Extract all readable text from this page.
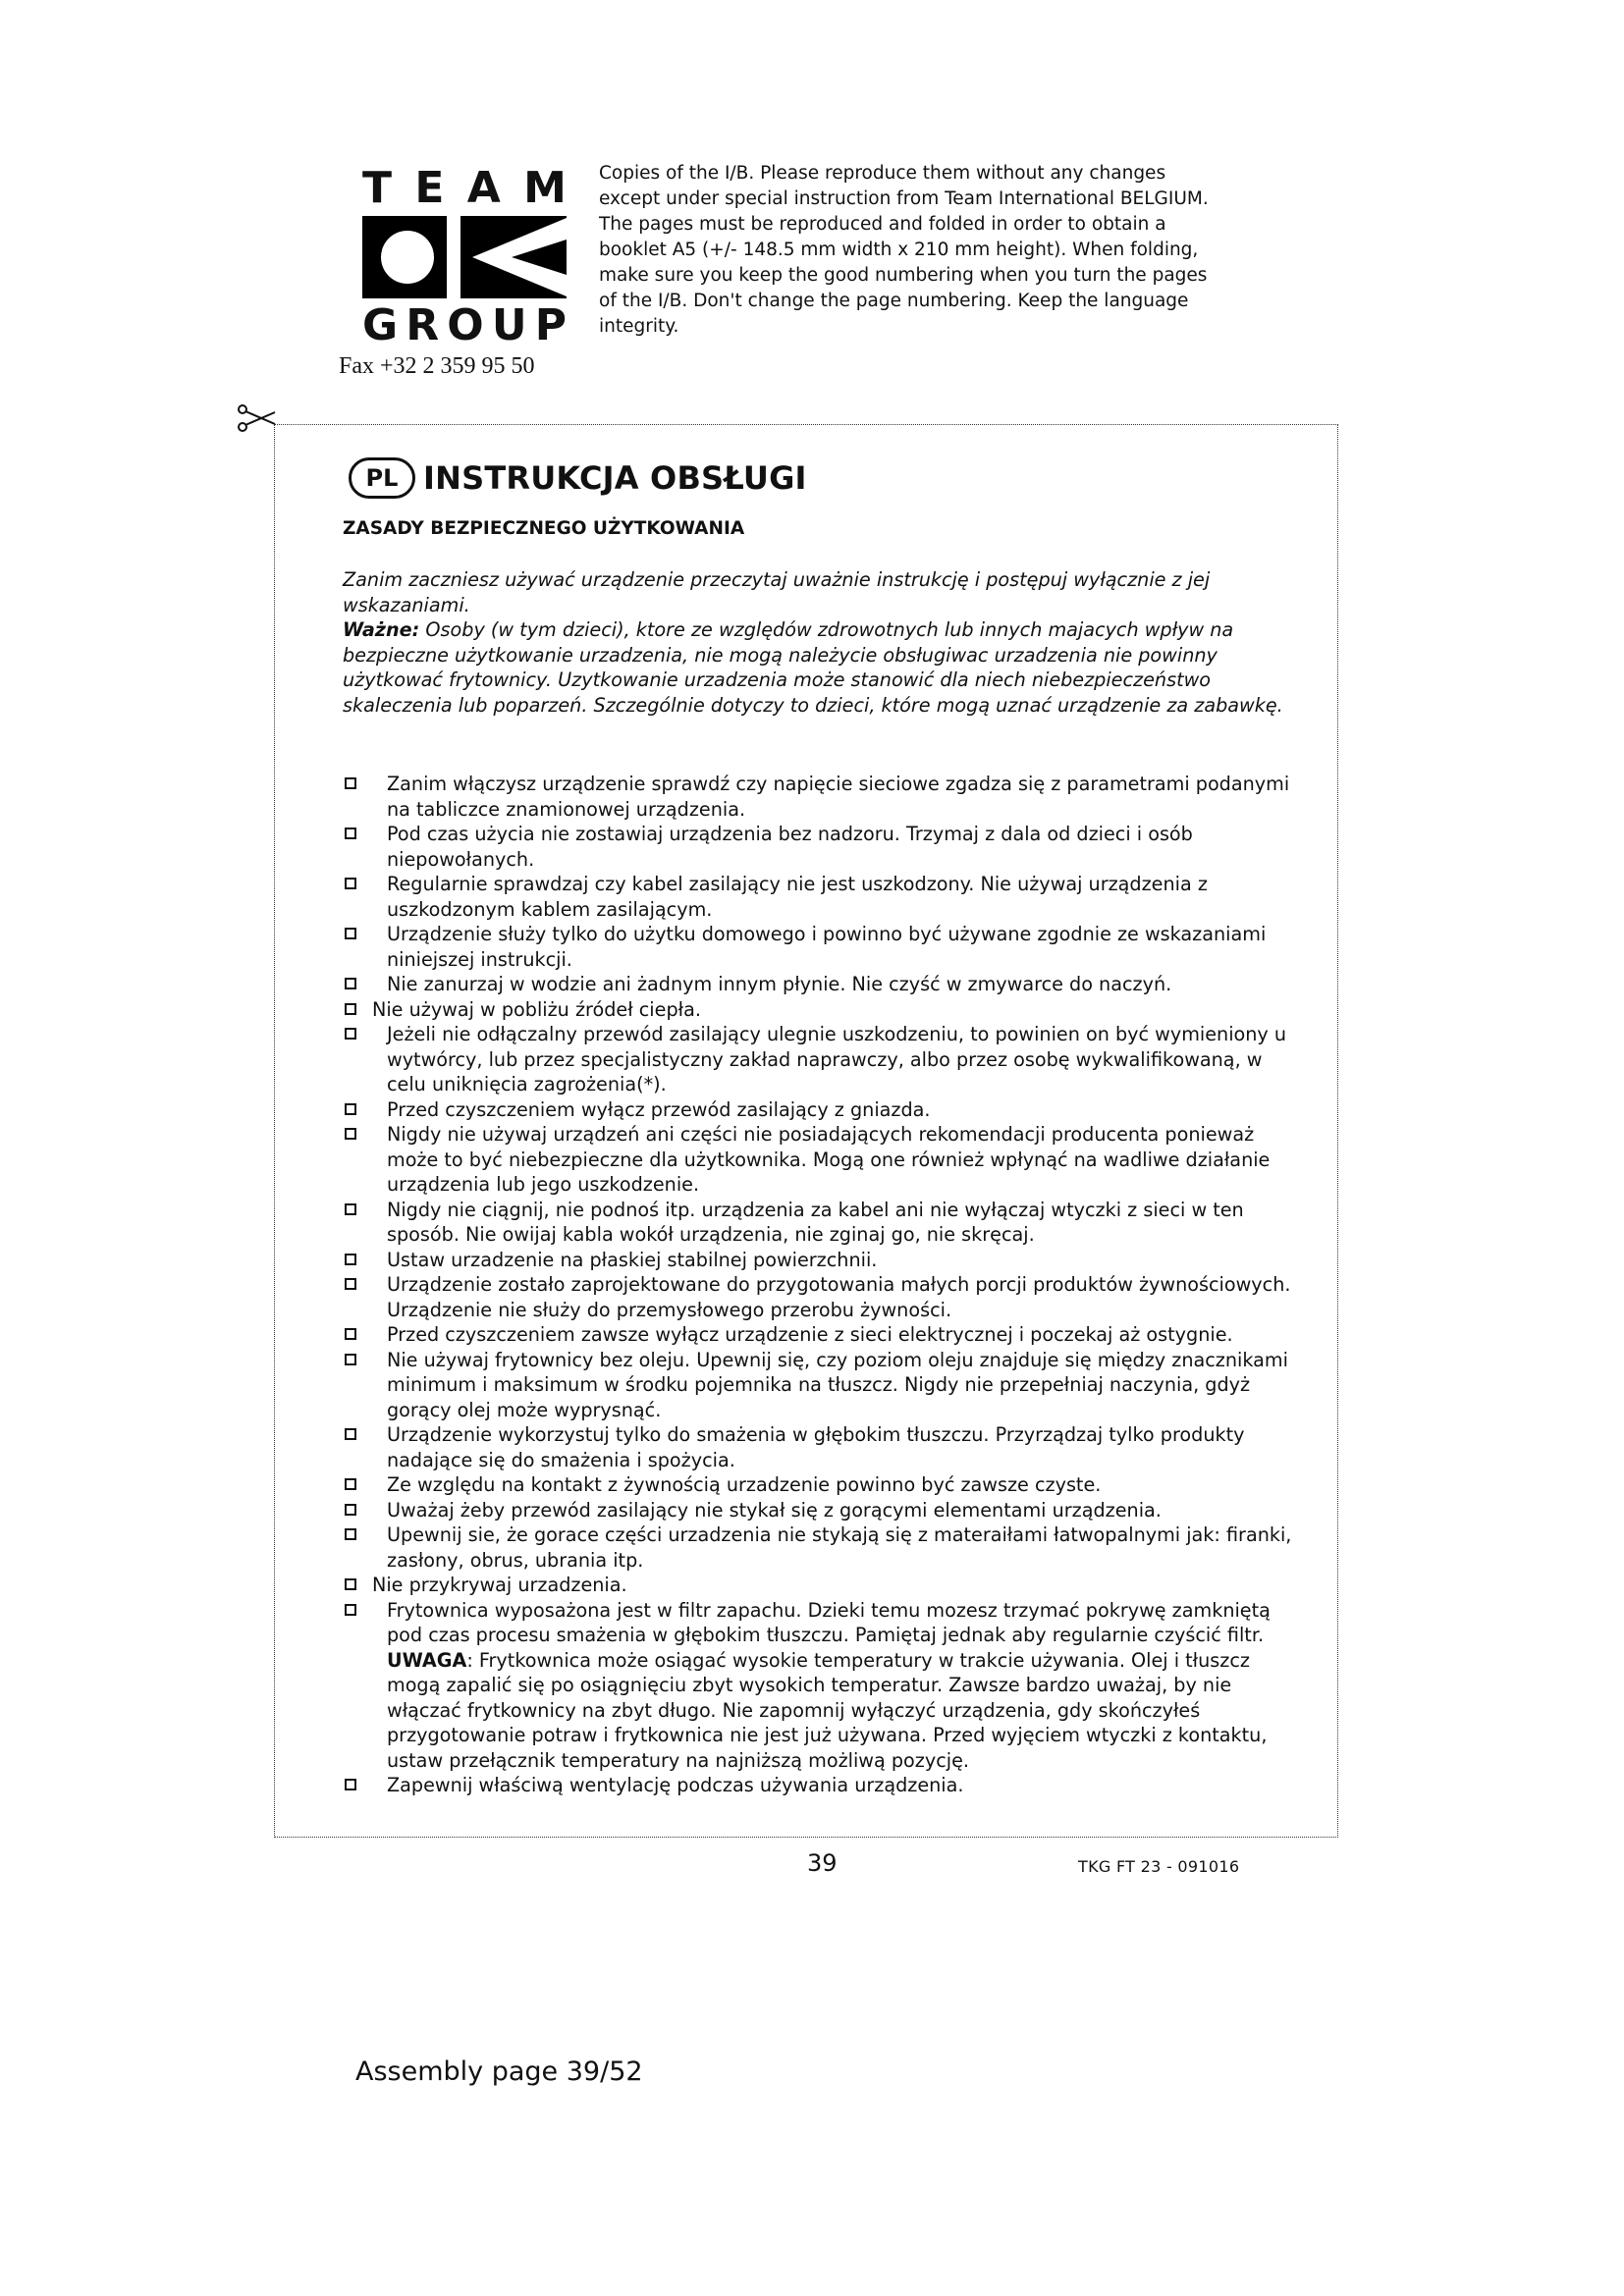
T E A M
G R O U P
Fax +32 2 359 95 50

Copies of the I/B. Please reproduce them without any changes

except under special instruction from Team International BELGIUM.

The pages must be reproduced and folded in order to obtain a

booklet A5 (+/- 148.5 mm width x 210 mm height). When folding,

make sure you keep the good numbering when you turn the pages

of the I/B. Don't change the page numbering. Keep the language

integrity.

PL INSTRUKCJA OBSŁUGI
ZASADY BEZPIECZNEGO UŻYTKOWANIA

Zanim zaczniesz używać urządzenie przeczytaj uważnie instrukcję i postępuj wyłącznie z jej wskazaniami.

Ważne: Osoby (w tym dzieci), ktore ze względów zdrowotnych lub innych majacych wpływ na bezpieczne użytkowanie urzadzenia, nie mogą należycie obsługiwac urzadzenia nie powinny użytkować frytownicy. Uzytkowanie urzadzenia może stanowić dla niech niebezpieczeństwo skaleczenia lub poparzeń. Szczególnie dotyczy to dzieci, które mogą uznać urządzenie za zabawkę.

Zanim włączysz urządzenie sprawdź czy napięcie sieciowe zgadza się z parametrami podanymi na tabliczce znamionowej urządzenia.
Pod czas użycia nie zostawiaj urządzenia bez nadzoru. Trzymaj z dala od dzieci i osób niepowołanych.
Regularnie sprawdzaj czy kabel zasilający nie jest uszkodzony. Nie używaj urządzenia z uszkodzonym kablem zasilającym.
Urządzenie służy tylko do użytku domowego i powinno być używane zgodnie ze wskazaniami niniejszej instrukcji.
Nie zanurzaj w wodzie ani żadnym innym płynie. Nie czyść w zmywarce do naczyń.
Nie używaj w pobliżu źródeł ciepła.
Jeżeli nie odłączalny przewód zasilający ulegnie uszkodzeniu, to powinien on być wymieniony u wytwórcy, lub przez specjalistyczny zakład naprawczy, albo przez osobę wykwalifikowaną, w celu uniknięcia zagrożenia(*).
Przed czyszczeniem wyłącz przewód zasilający z gniazda.
Nigdy nie używaj urządzeń ani części nie posiadających rekomendacji producenta ponieważ może to być niebezpieczne dla użytkownika. Mogą one również wpłynąć na wadliwe działanie urządzenia lub jego uszkodzenie.
Nigdy nie ciągnij, nie podnoś itp. urządzenia za kabel ani nie wyłączaj wtyczki z sieci w ten sposób. Nie owijaj kabla wokół urządzenia, nie zginaj go, nie skręcaj.
Ustaw urzadzenie na płaskiej stabilnej powierzchnii.
Urządzenie zostało zaprojektowane do przygotowania małych porcji produktów żywnościowych. Urządzenie nie służy do przemysłowego przerobu żywności.
Przed czyszczeniem zawsze wyłącz urządzenie z sieci elektrycznej i poczekaj aż ostygnie.
Nie używaj frytownicy bez oleju. Upewnij się, czy poziom oleju znajduje się między znacznikami minimum i maksimum w środku pojemnika na tłuszcz. Nigdy nie przepełniaj naczynia, gdyż gorący olej może wyprysnąć.
Urządzenie wykorzystuj tylko do smażenia w głębokim tłuszczu. Przyrządzaj tylko produkty nadające się do smażenia i spożycia.
Ze względu na kontakt z żywnością urzadzenie powinno być zawsze czyste.
Uważaj żeby przewód zasilający nie stykał się z gorącymi elementami urządzenia.
Upewnij sie, że gorace części urzadzenia nie stykają się z materaiłami łatwopalnymi jak: firanki, zasłony, obrus, ubrania itp.
Nie przykrywaj urzadzenia.
Frytownica wyposażona jest w filtr zapachu. Dzieki temu mozesz trzymać pokrywę zamkniętą pod czas procesu smażenia w głębokim tłuszczu. Pamiętaj jednak aby regularnie czyścić filtr. UWAGA: Frytkownica może osiągać wysokie temperatury w trakcie używania. Olej i tłuszcz mogą zapalić się po osiągnięciu zbyt wysokich temperatur. Zawsze bardzo uważaj, by nie włączać frytkownicy na zbyt długo. Nie zapomnij wyłączyć urządzenia, gdy skończyłeś przygotowanie potraw i frytkownica nie jest już używana. Przed wyjęciem wtyczki z kontaktu, ustaw przełącznik temperatury na najniższą możliwą pozycję.
Zapewnij właściwą wentylację podczas używania urządzenia.
39	TKG FT 23 - 091016
Assembly page 39/52
